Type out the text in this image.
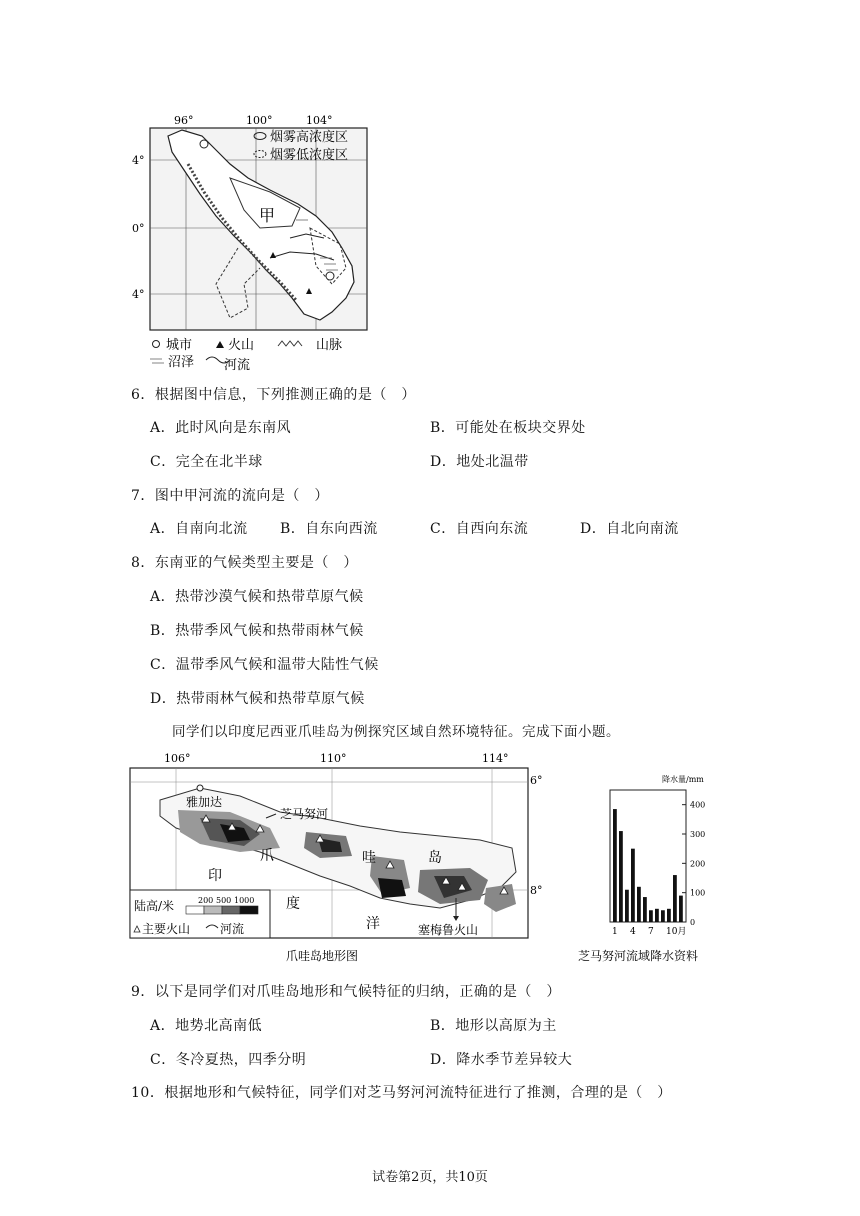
烟雾高浓度区
烟雾低浓度区
甲
96°	100°	104°
4°
0°
4°
城市	火山	山脉
沼泽 河流
6．根据图中信息，下列推测正确的是（　）
A．此时风向是东南风	B．可能处在板块交界处
C．完全在北半球	D．地处北温带
7．图中甲河流的流向是（　）
A．自南向北流 B．自东向西流	C．自西向东流	D．自北向南流
8．东南亚的气候类型主要是（　）
A．热带沙漠气候和热带草原气候
B．热带季风气候和热带雨林气候
C．温带季风气候和温带大陆性气候
D．热带雨林气候和热带草原气候
同学们以印度尼西亚爪哇岛为例探究区域自然环境特征。完成下面小题。
106°	110°	114°
6°
8°
雅加达
芝马努河
爪	哇	岛
印
度
洋	塞梅鲁火山
陆高/米	200 500 1000
主要火山 河流
爪哇岛地形图
降水量/mm
0
100
200
300
400
1 4 7 10月
芝马努河流域降水资料
9．以下是同学们对爪哇岛地形和气候特征的归纳，正确的是（　）
A．地势北高南低	B．地形以高原为主
C．冬冷夏热，四季分明	D．降水季节差异较大
10．根据地形和气候特征，同学们对芝马努河河流特征进行了推测，合理的是（　）
试卷第2页，共10页
